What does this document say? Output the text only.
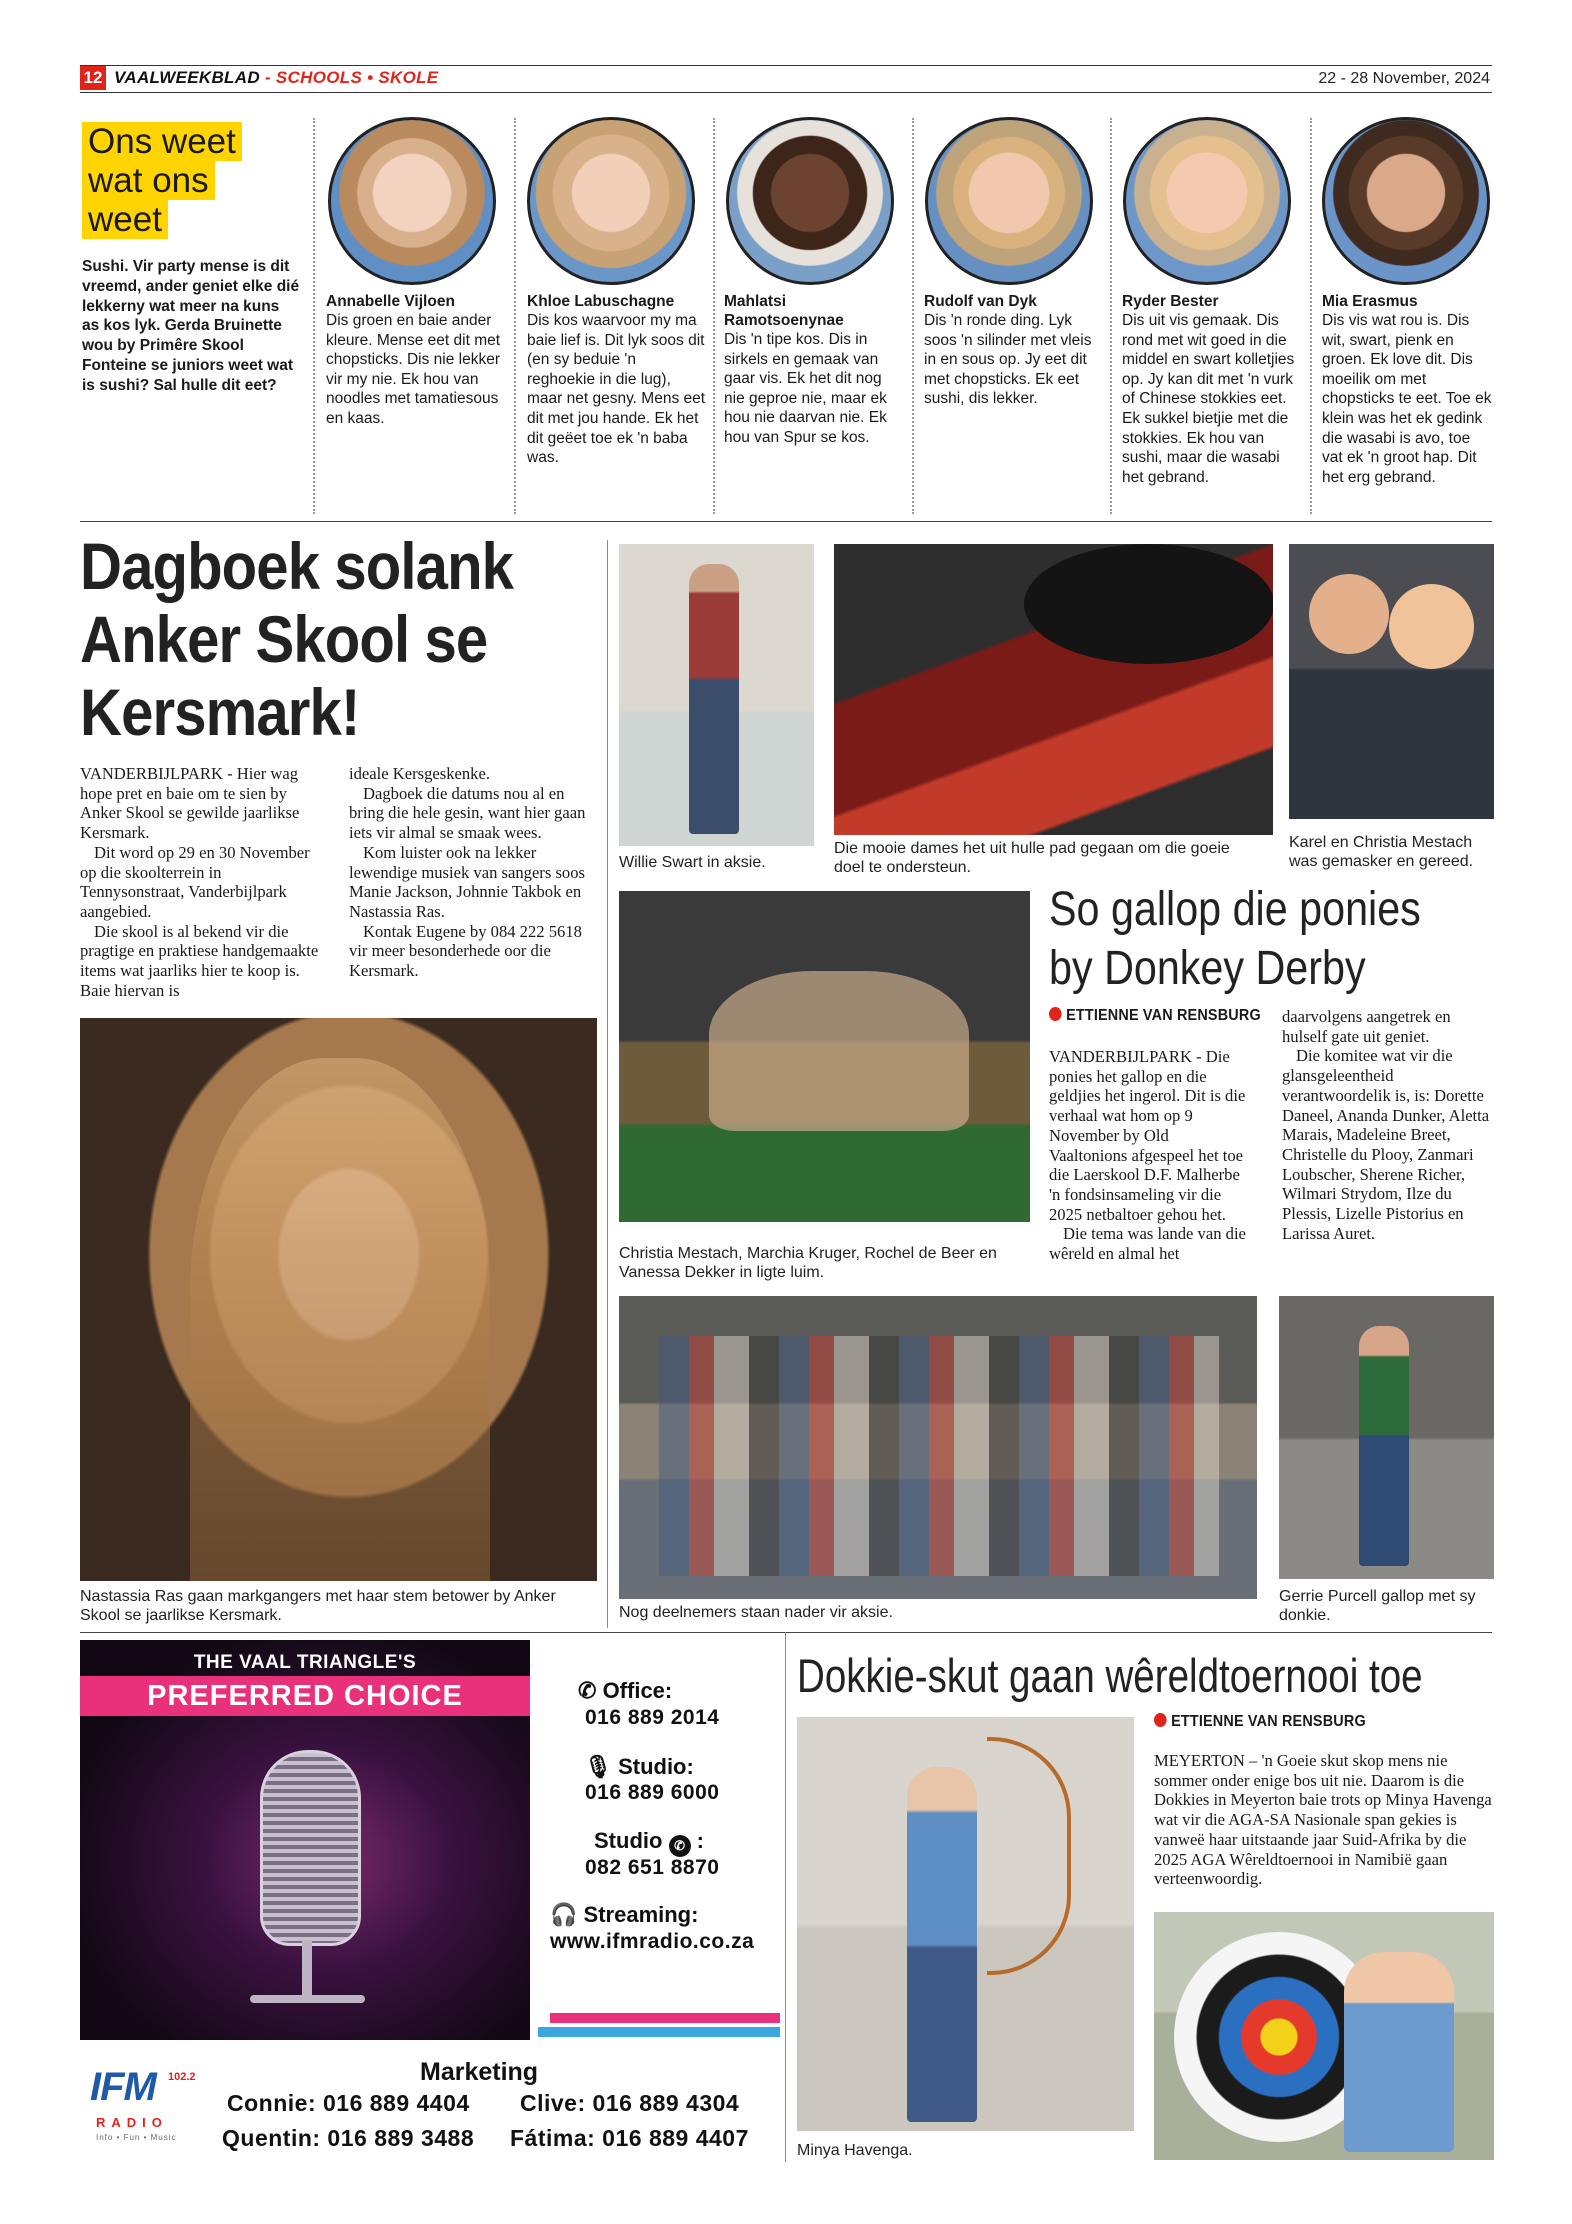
12 VAALWEEKBLAD - SCHOOLS • SKOLE	22 - 28 November, 2024
Ons weet
wat ons
weet
Sushi. Vir party mense is dit vreemd, ander geniet elke dié lekkerny wat meer na kuns as kos lyk. Gerda Bruinette wou by Primêre Skool Fonteine se juniors weet wat is sushi? Sal hulle dit eet?
Annabelle Vijloen
Dis groen en baie ander kleure. Mense eet dit met chopsticks. Dis nie lekker vir my nie. Ek hou van noodles met tamatiesous en kaas.
Khloe Labuschagne
Dis kos waarvoor my ma baie lief is. Dit lyk soos dit (en sy beduie 'n reghoekie in die lug), maar net gesny. Mens eet dit met jou hande. Ek het dit geëet toe ek 'n baba was.
Mahlatsi Ramotsoenynae
Dis 'n tipe kos. Dis in sirkels en gemaak van gaar vis. Ek het dit nog nie geproe nie, maar ek hou nie daarvan nie. Ek hou van Spur se kos.
Rudolf van Dyk
Dis 'n ronde ding. Lyk soos 'n silinder met vleis in en sous op. Jy eet dit met chopsticks. Ek eet sushi, dis lekker.
Ryder Bester
Dis uit vis gemaak. Dis rond met wit goed in die middel en swart kolletjies op. Jy kan dit met 'n vurk of Chinese stokkies eet. Ek sukkel bietjie met die stokkies. Ek hou van sushi, maar die wasabi het gebrand.
Mia Erasmus
Dis vis wat rou is. Dis wit, swart, pienk en groen. Ek love dit. Dis moeilik om met chopsticks te eet. Toe ek klein was het ek gedink die wasabi is avo, toe vat ek 'n groot hap. Dit het erg gebrand.
Dagboek solank
Anker Skool se
Kersmark!

VANDERBIJLPARK - Hier wag hope pret en baie om te sien by Anker Skool se gewilde jaarlikse Kersmark.

Dit word op 29 en 30 November op die skoolterrein in Tennysonstraat, Vanderbijlpark aangebied.

Die skool is al bekend vir die pragtige en praktiese handgemaakte items wat jaarliks hier te koop is. Baie hiervan is

ideale Kersgeskenke.

Dagboek die datums nou al en bring die hele gesin, want hier gaan iets vir almal se smaak wees.

Kom luister ook na lekker lewendige musiek van sangers soos Manie Jackson, Johnnie Takbok en Nastassia Ras.

Kontak Eugene by 084 222 5618 vir meer besonderhede oor die Kersmark.

Nastassia Ras gaan markgangers met haar stem betower by Anker Skool se jaarlikse Kersmark.
Willie Swart in aksie.
Die mooie dames het uit hulle pad gegaan om die goeie doel te ondersteun.
Karel en Christia Mestach was gemasker en gereed.
Christia Mestach, Marchia Kruger, Rochel de Beer en Vanessa Dekker in ligte luim.
So gallop die ponies
by Donkey Derby
ETTIENNE VAN RENSBURG

VANDERBIJLPARK - Die ponies het gallop en die geldjies het ingerol. Dit is die verhaal wat hom op 9 November by Old Vaaltonions afgespeel het toe die Laerskool D.F. Malherbe 'n fondsinsameling vir die 2025 netbaltoer gehou het.

Die tema was lande van die wêreld en almal het

daarvolgens aangetrek en hulself gate uit geniet.

Die komitee wat vir die glansgeleentheid verantwoordelik is, is: Dorette Daneel, Ananda Dunker, Aletta Marais, Madeleine Breet, Christelle du Plooy, Zanmari Loubscher, Sherene Richer, Wilmari Strydom, Ilze du Plessis, Lizelle Pistorius en Larissa Auret.

Nog deelnemers staan nader vir aksie.
Gerrie Purcell gallop met sy donkie.
THE VAAL TRIANGLE'S
PREFERRED CHOICE	✆ Office:
016 889 2014
🎙 Studio:
016 889 6000
Studio ✆ :
082 651 8870
🎧 Streaming:
www.ifmradio.co.za
IFM	102.2
RADIO
Info • Fun • Music
Marketing
Connie: 016 889 4404 Clive: 016 889 4304
Quentin: 016 889 3488 Fátima: 016 889 4407
Dokkie-skut gaan wêreldtoernooi toe
Minya Havenga.
ETTIENNE VAN RENSBURG
MEYERTON – 'n Goeie skut skop mens nie sommer onder enige bos uit nie. Daarom is die Dokkies in Meyerton baie trots op Minya Havenga wat vir die AGA-SA Nasionale span gekies is vanweë haar uitstaande jaar Suid-Afrika by die 2025 AGA Wêreldtoernooi in Namibië gaan verteenwoordig.
